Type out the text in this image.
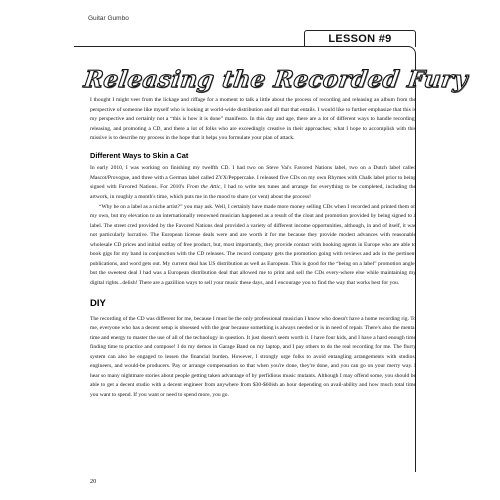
Guitar Gumbo
LESSON #9
Releasing the Recorded Fury

I thought I might veer from the lickage and riffage for a moment to talk a little about the process of recording and releasing an album from the perspective of someone like myself who is looking at world-wide distribution and all that that entails. I would like to further emphasize that this is my perspective and certainly not a “this is how it is done” manifesto. In this day and age, there are a lot of different ways to handle recording, releasing, and promoting a CD, and there a lot of folks who are exceedingly creative in their approaches; what I hope to accomplish with this missive is to describe my process in the hope that it helps you formulate your plan of attack.

Different Ways to Skin a Cat

In early 2010, I was working on finishing my twelfth CD. I had two on Steve Vai's Favored Nations label, two on a Dutch label called Mascot/Provogue, and three with a German label called ZYX/Peppercake. I released five CDs on my own Rhymes with Chalk label prior to being signed with Favored Nations. For 2010's From the Attic, I had to write ten tunes and arrange for everything to be completed, including the artwork, in roughly a month's time, which puts me in the mood to share (or vent) about the process!

“Why be on a label as a niche artist?” you may ask. Well, I certainly have made more money selling CDs when I recorded and printed them on my own, but my elevation to an internationally renowned musician happened as a result of the clout and promotion provided by being signed to a label. The street cred provided by the Favored Nations deal provided a variety of different income opportunities, although, in and of itself, it was not particularly lucrative. The European license deals were and are worth it for me because they provide modest advances with reasonable wholesale CD prices and initial outlay of free product, but, most importantly, they provide contact with booking agents in Europe who are able to book gigs for my band in conjunction with the CD releases. The record company gets the promotion going with reviews and ads in the pertinent publications, and word gets out. My current deal has US distribution as well as European. This is good for the “being on a label” promotion angle, but the sweetest deal I had was a European distribution deal that allowed me to print and sell the CDs every-where else while maintaining my digital rights...delish! There are a gazillion ways to sell your music these days, and I encourage you to find the way that works best for you.

DIY

The recording of the CD was different for me, because I must be the only professional musician I know who doesn't have a home recording rig. To me, everyone who has a decent setup is obsessed with the gear because something is always needed or is in need of repair. There's also the mental time and energy to master the use of all of the technology in question. It just doesn't seem worth it. I have four kids, and I have a hard enough time finding time to practice and compose! I do my demos in Garage Band on my laptop, and I pay others to do the real recording for me. The flurry system can also be engaged to lessen the financial burden. However, I strongly urge folks to avoid entangling arrangements with studios, engineers, and would-be producers. Pay or arrange compensation so that when you're done, they're done, and you can go on your merry way. I hear so many nightmare stories about people getting taken advantage of by perfidious music mutants. Although I may offend some, you should be able to get a decent studio with a decent engineer from anywhere from $30-$60ish an hour depending on avail-ability and how much total time you want to spend. If you want or need to spend more, you go.

20
